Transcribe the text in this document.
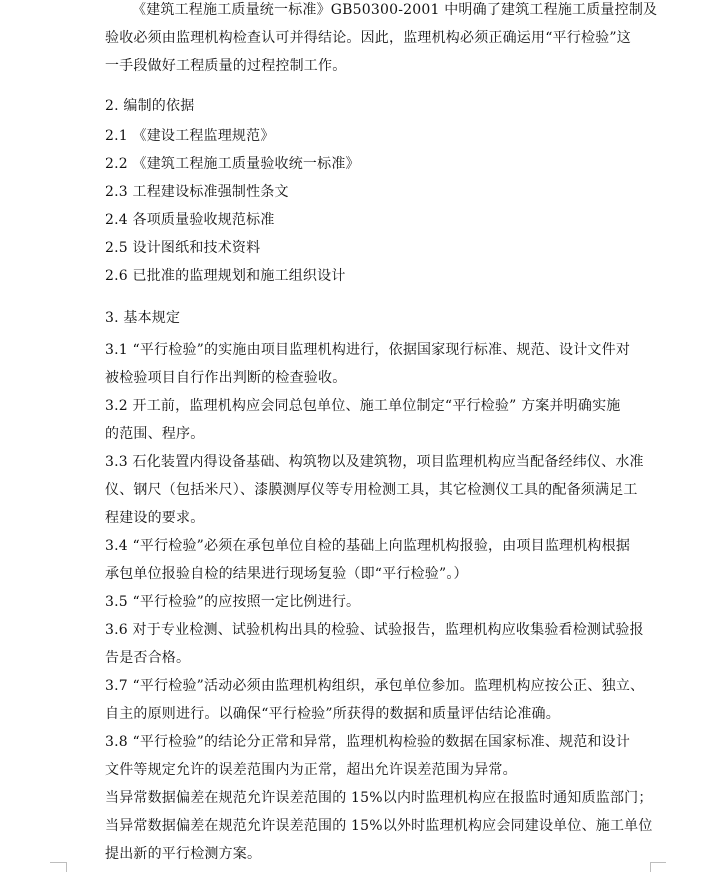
《建筑工程施工质量统一标准》GB50300-2001 中明确了建筑工程施工质量控制及
验收必须由监理机构检查认可并得结论。因此，监理机构必须正确运用“平行检验”这
一手段做好工程质量的过程控制工作。
2. 编制的依据
2.1 《建设工程监理规范》
2.2 《建筑工程施工质量验收统一标准》
2.3 工程建设标准强制性条文
2.4 各项质量验收规范标准
2.5 设计图纸和技术资料
2.6 已批准的监理规划和施工组织设计
3. 基本规定
3.1 “平行检验”的实施由项目监理机构进行，依据国家现行标准、规范、设计文件对
被检验项目自行作出判断的检查验收。
3.2 开工前，监理机构应会同总包单位、施工单位制定“平行检验” 方案并明确实施
的范围、程序。
3.3 石化装置内得设备基础、构筑物以及建筑物，项目监理机构应当配备经纬仪、水准
仪、钢尺（包括米尺）、漆膜测厚仪等专用检测工具，其它检测仪工具的配备须满足工
程建设的要求。
3.4 “平行检验”必须在承包单位自检的基础上向监理机构报验，由项目监理机构根据
承包单位报验自检的结果进行现场复验（即“平行检验”。）
3.5 “平行检验”的应按照一定比例进行。
3.6 对于专业检测、试验机构出具的检验、试验报告，监理机构应收集验看检测试验报
告是否合格。
3.7 “平行检验”活动必须由监理机构组织，承包单位参加。监理机构应按公正、独立、
自主的原则进行。以确保“平行检验”所获得的数据和质量评估结论准确。
3.8 “平行检验”的结论分正常和异常，监理机构检验的数据在国家标准、规范和设计
文件等规定允许的误差范围内为正常，超出允许误差范围为异常。
当异常数据偏差在规范允许误差范围的 15%以内时监理机构应在报监时通知质监部门；
当异常数据偏差在规范允许误差范围的 15%以外时监理机构应会同建设单位、施工单位
提出新的平行检测方案。
